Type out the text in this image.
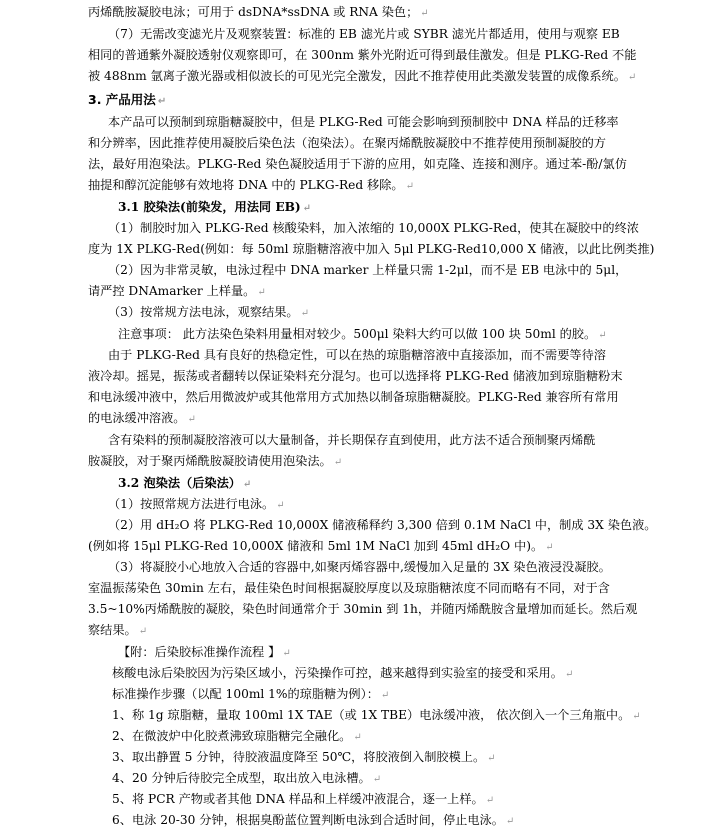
丙烯酰胺凝胶电泳；可用于 dsDNA*ssDNA 或 RNA 染色； ↵
（7）无需改变滤光片及观察装置：标准的 EB 滤光片或 SYBR 滤光片都适用，使用与观察 EB
相同的普通紫外凝胶透射仪观察即可，在 300nm 紫外光附近可得到最佳激发。但是 PLKG-Red 不能
被 488nm 氩离子激光器或相似波长的可见光完全激发，因此不推荐使用此类激发装置的成像系统。 ↵
3. 产品用法 ↵
本产品可以预制到琼脂糖凝胶中，但是 PLKG-Red 可能会影响到预制胶中 DNA 样品的迁移率
和分辨率，因此推荐使用凝胶后染色法（泡染法）。在聚丙烯酰胺凝胶中不推荐使用预制凝胶的方
法，最好用泡染法。PLKG-Red 染色凝胶适用于下游的应用，如克隆、连接和测序。通过苯-酚/氯仿
抽提和醇沉淀能够有效地将 DNA 中的 PLKG-Red 移除。 ↵
3.1 胶染法(前染发，用法同 EB) ↵
（1）制胶时加入 PLKG-Red 核酸染料，加入浓缩的 10,000X PLKG-Red，使其在凝胶中的终浓
度为 1X PLKG-Red(例如：每 50ml 琼脂糖溶液中加入 5μl PLKG-Red10,000 X 储液，以此比例类推)
（2）因为非常灵敏，电泳过程中 DNA marker 上样量只需 1-2μl，而不是 EB 电泳中的 5μl，
请严控 DNAmarker 上样量。 ↵
（3）按常规方法电泳，观察结果。 ↵
注意事项： 此方法染色染料用量相对较少。500μl 染料大约可以做 100 块 50ml 的胶。 ↵
由于 PLKG-Red 具有良好的热稳定性，可以在热的琼脂糖溶液中直接添加，而不需要等待溶
液冷却。摇晃，振荡或者翻转以保证染料充分混匀。也可以选择将 PLKG-Red 储液加到琼脂糖粉末
和电泳缓冲液中，然后用微波炉或其他常用方式加热以制备琼脂糖凝胶。PLKG-Red 兼容所有常用
的电泳缓冲溶液。 ↵
含有染料的预制凝胶溶液可以大量制备，并长期保存直到使用，此方法不适合预制聚丙烯酰
胺凝胶，对于聚丙烯酰胺凝胶请使用泡染法。 ↵
3.2 泡染法（后染法） ↵
（1）按照常规方法进行电泳。 ↵
（2）用 dH₂O 将 PLKG-Red 10,000X 储液稀释约 3,300 倍到 0.1M NaCl 中，制成 3X 染色液。
(例如将 15μl PLKG-Red 10,000X 储液和 5ml 1M NaCl 加到 45ml dH₂O 中)。 ↵
（3）将凝胶小心地放入合适的容器中,如聚丙烯容器中,缓慢加入足量的 3X 染色液浸没凝胶。
室温振荡染色 30min 左右，最佳染色时间根据凝胶厚度以及琼脂糖浓度不同而略有不同，对于含
3.5~10%丙烯酰胺的凝胶，染色时间通常介于 30min 到 1h，并随丙烯酰胺含量增加而延长。然后观
察结果。 ↵
【附：后染胶标准操作流程 】 ↵
核酸电泳后染胶因为污染区域小，污染操作可控，越来越得到实验室的接受和采用。 ↵
标准操作步骤（以配 100ml 1%的琼脂糖为例）： ↵
1、称 1g 琼脂糖，量取 100ml 1X TAE（或 1X TBE）电泳缓冲液， 依次倒入一个三角瓶中。 ↵
2、在微波炉中化胶煮沸致琼脂糖完全融化。 ↵
3、取出静置 5 分钟，待胶液温度降至 50℃，将胶液倒入制胶模上。 ↵
4、20 分钟后待胶完全成型，取出放入电泳槽。 ↵
5、将 PCR 产物或者其他 DNA 样品和上样缓冲液混合，逐一上样。 ↵
6、电泳 20-30 分钟，根据臭酚蓝位置判断电泳到合适时间，停止电泳。 ↵
